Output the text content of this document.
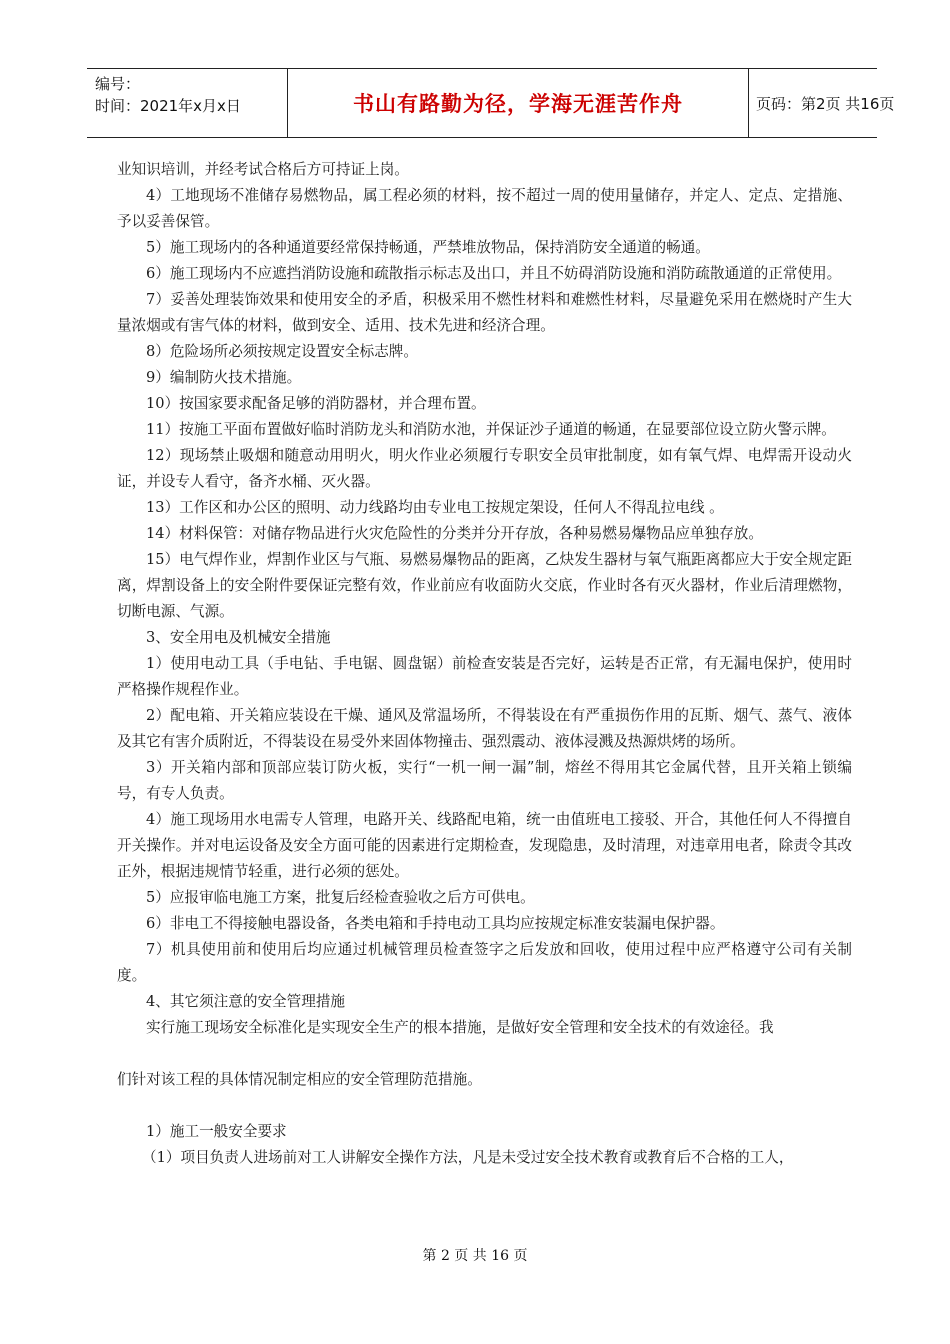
编号：
时间：2021年x月x日	书山有路勤为径，学海无涯苦作舟	页码：第2页 共16页

业知识培训，并经考试合格后方可持证上岗。

4）工地现场不准储存易燃物品，属工程必须的材料，按不超过一周的使用量储存，并定人、定点、定措施、予以妥善保管。

5）施工现场内的各种通道要经常保持畅通，严禁堆放物品，保持消防安全通道的畅通。

6）施工现场内不应遮挡消防设施和疏散指示标志及出口，并且不妨碍消防设施和消防疏散通道的正常使用。

7）妥善处理装饰效果和使用安全的矛盾，积极采用不燃性材料和难燃性材料，尽量避免采用在燃烧时产生大量浓烟或有害气体的材料，做到安全、适用、技术先进和经济合理。

8）危险场所必须按规定设置安全标志牌。

9）编制防火技术措施。

10）按国家要求配备足够的消防器材，并合理布置。

11）按施工平面布置做好临时消防龙头和消防水池，并保证沙子通道的畅通，在显要部位设立防火警示牌。

12）现场禁止吸烟和随意动用明火，明火作业必须履行专职安全员审批制度，如有氧气焊、电焊需开设动火证，并设专人看守，备齐水桶、灭火器。

13）工作区和办公区的照明、动力线路均由专业电工按规定架设，任何人不得乱拉电线 。

14）材料保管：对储存物品进行火灾危险性的分类并分开存放，各种易燃易爆物品应单独存放。

15）电气焊作业，焊割作业区与气瓶、易燃易爆物品的距离，乙炔发生器材与氧气瓶距离都应大于安全规定距离，焊割设备上的安全附件要保证完整有效，作业前应有收面防火交底，作业时各有灭火器材，作业后清理燃物，切断电源、气源。

3、安全用电及机械安全措施

1）使用电动工具（手电钻、手电锯、圆盘锯）前检查安装是否完好，运转是否正常，有无漏电保护，使用时严格操作规程作业。

2）配电箱、开关箱应装设在干燥、通风及常温场所，不得装设在有严重损伤作用的瓦斯、烟气、蒸气、液体及其它有害介质附近，不得装设在易受外来固体物撞击、强烈震动、液体浸溅及热源烘烤的场所。

3）开关箱内部和顶部应装订防火板，实行“一机一闸一漏”制，熔丝不得用其它金属代替，且开关箱上锁编号，有专人负责。

4）施工现场用水电需专人管理，电路开关、线路配电箱，统一由值班电工接驳、开合，其他任何人不得擅自开关操作。并对电运设备及安全方面可能的因素进行定期检查，发现隐患，及时清理，对违章用电者，除责令其改正外，根据违规情节轻重，进行必须的惩处。

5）应报审临电施工方案，批复后经检查验收之后方可供电。

6）非电工不得接触电器设备，各类电箱和手持电动工具均应按规定标准安装漏电保护器。

7）机具使用前和使用后均应通过机械管理员检查签字之后发放和回收，使用过程中应严格遵守公司有关制度。

4、其它须注意的安全管理措施

实行施工现场安全标准化是实现安全生产的根本措施，是做好安全管理和安全技术的有效途径。我

们针对该工程的具体情况制定相应的安全管理防范措施。

1）施工一般安全要求

（1）项目负责人进场前对工人讲解安全操作方法，凡是未受过安全技术教育或教育后不合格的工人，

第 2 页 共 16 页
